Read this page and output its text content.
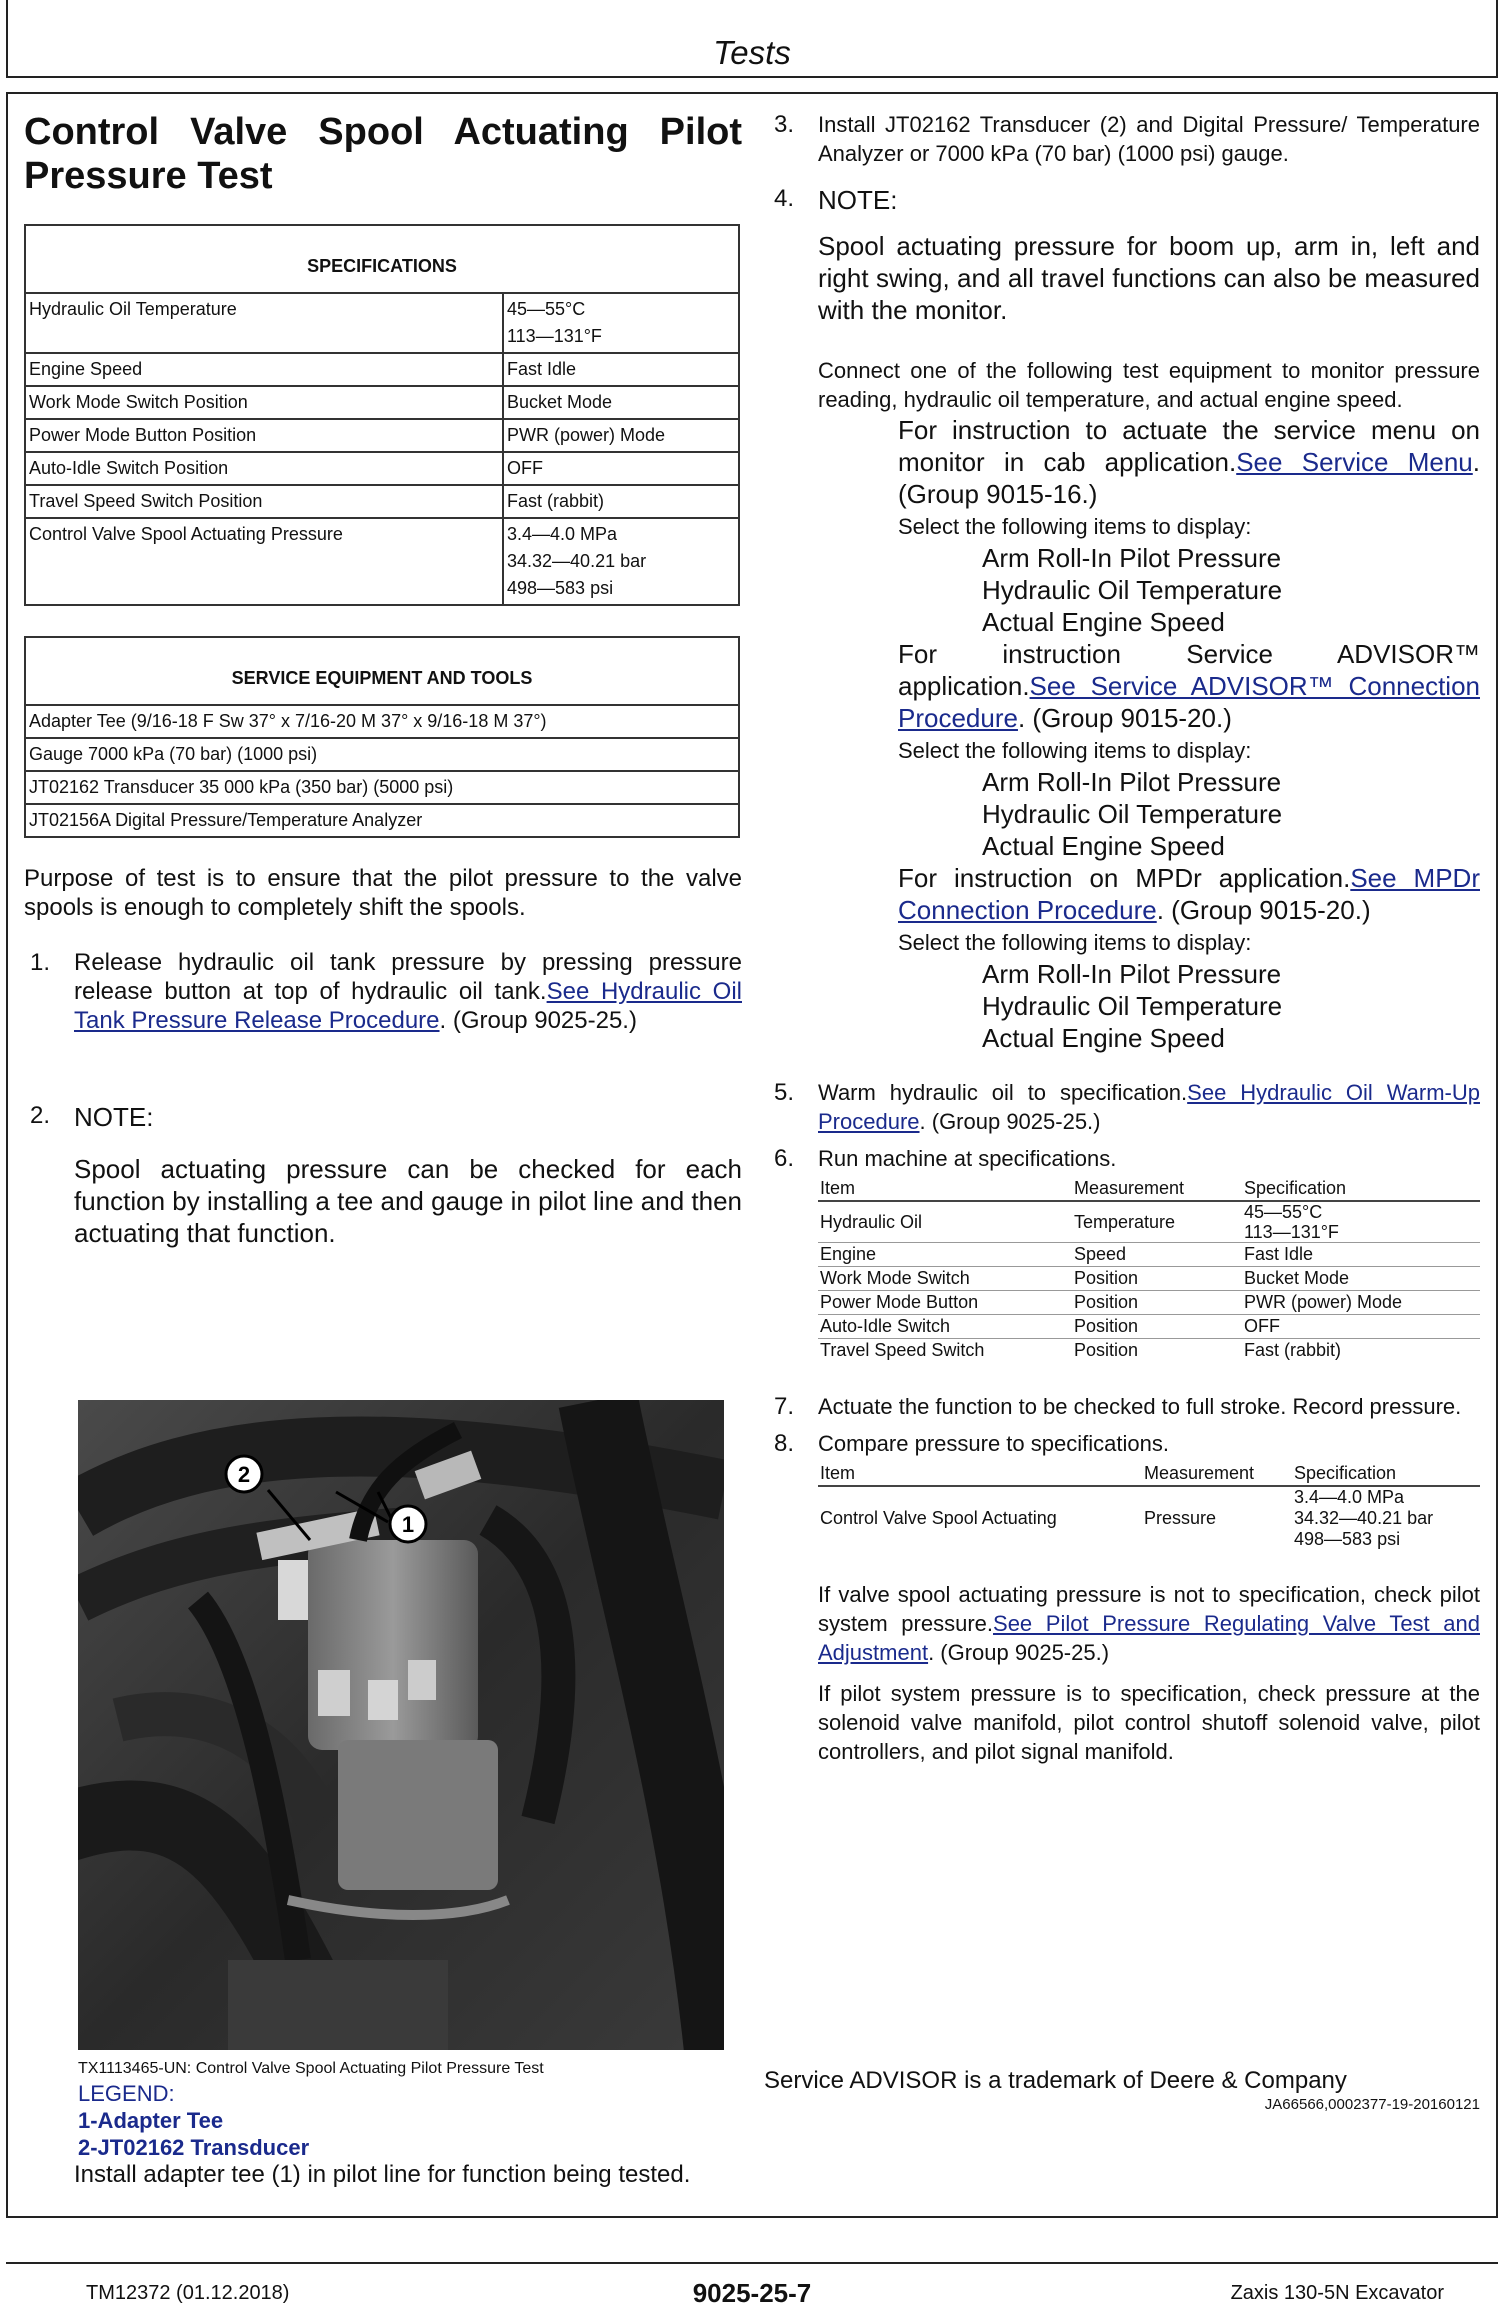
Tests
Control Valve Spool Actuating Pilot
Pressure Test
SPECIFICATIONS	
Hydraulic Oil Temperature	45—55°C
113—131°F

Engine Speed	Fast Idle
Work Mode Switch Position	Bucket Mode
Power Mode Button Position	PWR (power) Mode
Auto-Idle Switch Position	OFF
Travel Speed Switch Position	Fast (rabbit)
Control Valve Spool Actuating Pressure	3.4—4.0 MPa
34.32—40.21 bar
498—583 psi
SERVICE EQUIPMENT AND TOOLS
Adapter Tee (9/16-18 F Sw 37° x 7/16-20 M 37° x 9/16-18 M 37°)
Gauge 7000 kPa (70 bar) (1000 psi)
JT02162 Transducer 35 000 kPa (350 bar) (5000 psi)
JT02156A Digital Pressure/Temperature Analyzer

Purpose of test is to ensure that the pilot pressure to the valve spools is enough to completely shift the spools.

1. Release hydraulic oil tank pressure by pressing pressure release button at top of hydraulic oil tank.See Hydraulic Oil Tank Pressure Release Procedure. (Group 9025-25.)

2. NOTE:

Spool actuating pressure can be checked for each function by installing a tee and gauge in pilot line and then actuating that function.

2
1
TX1113465-UN: Control Valve Spool Actuating Pilot Pressure Test
LEGEND:
1-Adapter Tee
2-JT02162 Transducer
Install adapter tee (1) in pilot line for function being tested.
3. Install JT02162 Transducer (2) and Digital Pressure/ Temperature Analyzer or 7000 kPa (70 bar) (1000 psi) gauge.

4. NOTE:

Spool actuating pressure for boom up, arm in, left and right swing, and all travel functions can also be measured with the monitor.

Connect one of the following test equipment to monitor pressure reading, hydraulic oil temperature, and actual engine speed.

For instruction to actuate the service menu on monitor in cab application.See Service Menu. (Group 9015-16.)

Select the following items to display:

Arm Roll-In Pilot Pressure
Hydraulic Oil Temperature
Actual Engine Speed

For instruction Service ADVISOR™ application.See Service ADVISOR™ Connection Procedure. (Group 9015-20.)

Select the following items to display:

Arm Roll-In Pilot Pressure
Hydraulic Oil Temperature
Actual Engine Speed

For instruction on MPDr application.See MPDr Connection Procedure. (Group 9015-20.)

Select the following items to display:

Arm Roll-In Pilot Pressure
Hydraulic Oil Temperature
Actual Engine Speed
5. Warm hydraulic oil to specification.See Hydraulic Oil Warm-Up Procedure. (Group 9025-25.)

6. Run machine at specifications.

Item	Measurement	Specification
Hydraulic Oil	Temperature	45—55°C
113—131°F

Engine	Speed	Fast Idle
Work Mode Switch	Position	Bucket Mode
Power Mode Button	Position	PWR (power) Mode
Auto-Idle Switch	Position	OFF
Travel Speed Switch	Position	Fast (rabbit)
7. Actuate the function to be checked to full stroke. Record pressure.

8. Compare pressure to specifications.

Item	Measurement	Specification
Control Valve Spool Actuating	Pressure	3.4—4.0 MPa
34.32—40.21 bar
498—583 psi

If valve spool actuating pressure is not to specification, check pilot system pressure.See Pilot Pressure Regulating Valve Test and Adjustment. (Group 9025-25.)

If pilot system pressure is to specification, check pressure at the solenoid valve manifold, pilot control shutoff solenoid valve, pilot controllers, and pilot signal manifold.

Service ADVISOR is a trademark of Deere & Company
JA66566,0002377-19-20160121
TM12372 (01.12.2018)	9025-25-7	Zaxis 130-5N Excavator
